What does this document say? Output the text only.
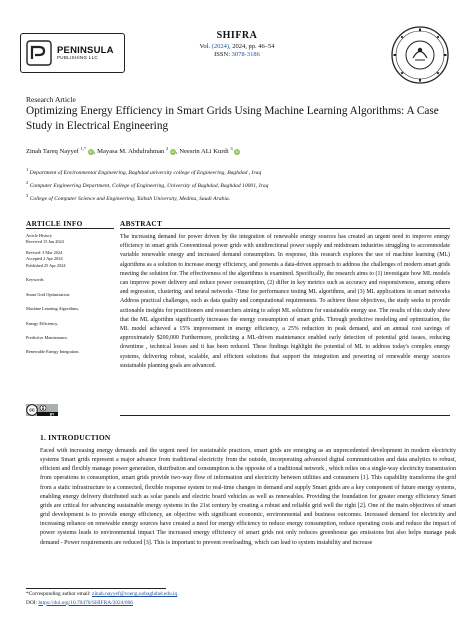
PENINSULA
PUBLISHING LLC
SHIFRA
Vol. (2024), 2024, pp. 46–54
ISSN: 3078-3186
Research Article
Optimizing Energy Efficiency in Smart Grids Using Machine Learning Algorithms: A Case Study in Electrical Engineering
Zinah Tareq Nayyef $^{1,*}$ iD, Mayasa M. Abdulrahman $^2$ iD, Neesrin ALi Kurdi $^3$ iD
$^1$ Department of Environmental Engineering, Baghdad university college of Engineering, Baghdad , Iraq
$^2$ Computer Engineering Department, College of Engineering, University of Baghdad, Baghdad 10001, Iraq
$^3$ College of Computer Science and Engineering, Taibah University, Medina, Saudi Arabia.
ARTICLE INFO
Article History
Received 15 Jan 2024
Revised: 3 Mar 2024
Accepted 2 Apr 2024
Published 25 Apr 2024
Keywords
Smart Grid Optimization,
Machine Learning Algorithms,
Energy Efficiency,
Predictive Maintenance,
Renewable Energy Integration.
cc
BY
ABSTRACT
The increasing demand for power driven by the integration of renewable energy sources has created an urgent need to improve energy efficiency in smart grids Conventional power grids with unidirectional power supply and midstream industries struggling to accommodate variable renewable energy and increased demand consumption. In response, this research explores the use of machine learning (ML) algorithms as a solution to increase energy efficiency, and presents a data-driven approach to address the challenges of modern smart grids meeting the solution for. The effectiveness of the algorithms is examined. Specifically, the research aims to (1) investigate how ML models can improve power delivery and reduce power consumption, (2) differ in key metrics such as accuracy and responsiveness, among others and regression, clustering, and neural networks -Time for performance testing ML algorithms, and (3) ML applications in smart networks Address practical challenges, such as data quality and computational requirements. To achieve these objectives, the study seeks to provide actionable insights for practitioners and researchers aiming to adopt ML solutions for sustainable energy use. The results of this study show that the ML algorithm significantly increases the energy consumption of smart grids. Through predictive modeling and optimization, the ML model achieved a 15% improvement in energy efficiency, a 25% reduction in peak demand, and an annual cost savings of approximately $200,000 Furthermore, predicting a ML-driven maintenance enabled early detection of potential grid issues, reducing downtime , technical losses and it has been reduced. These findings highlight the potential of ML to address today's complex energy systems, delivering robust, scalable, and efficient solutions that support the integration and powering of renewable energy sources sustainable planning goals are advanced.
1. INTRODUCTION
Faced with increasing energy demands and the urgent need for sustainable practices, smart grids are emerging as an unprecedented development in modern electricity systems Smart grids represent a major advance from traditional electricity from the outside, incorporating advanced digital communication and data analytics to robust, efficient and flexibly manage power generation, distribution and consumption is the opposite of a traditional network , which relies on a single-way electricity transmission from operations to consumption, smart grids provide two-way flow of information and electricity between utilities and consumers [1]. This capability transforms the grid from a static infrastructure to a connected, flexible response system to real-time changes in demand and supply Smart grids are a key component of future energy systems, enabling energy delivery distributed such as solar panels and electric board vehicles as well as renewables. Providing the foundation for greater energy efficiency Smart grids are critical for advancing sustainable energy systems in the 21st century by creating a robust and reliable grid well the right [2]. One of the main objectives of smart grid development is to provide energy efficiency, an objective with significant economic, environmental and business outcomes. Increased demand for electricity and increasing reliance on renewable energy sources have created a need for energy efficiency to reduce energy consumption, reduce operating costs and reduce the impact of power systems leads to environmental impact The increased energy efficiency of smart grids not only reduces greenhouse gas emissions but also helps manage peak demand - Power requirements are reduced [3]. This is important to prevent overloading, which can lead to system instability and increase
*Corresponding author email: zinah.nayyef@coeng.uobaghdad.edu.iq
DOI: https://doi.org/10.70470/SHIFRA/2024/006
